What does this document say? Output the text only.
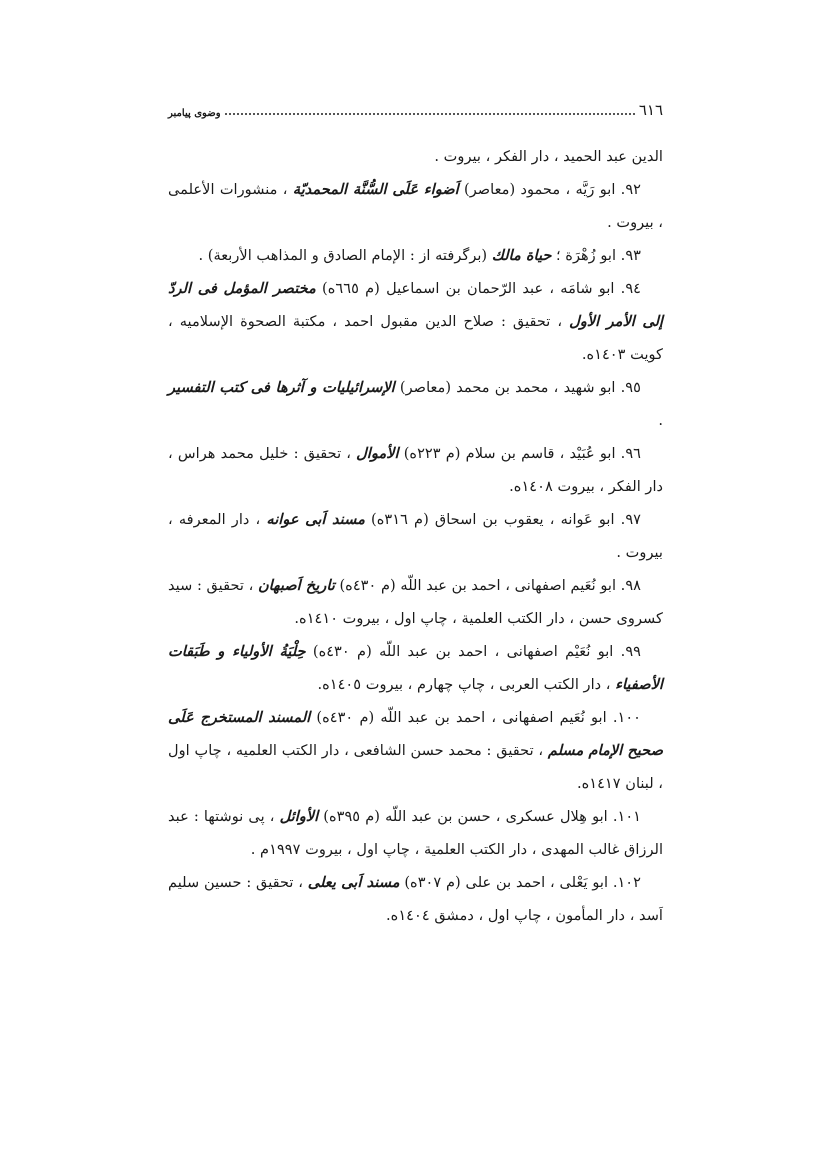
وضوی پیامبر	٦١٦

الدين عبد الحميد ، دار الفكر ، بيروت .

۹۲. ابو رَيَّه ، محمود (معاصر) اَضواء عَلَى السُّنَّة المحمديّة ، منشورات الأعلمی ، بیروت .

۹۳. ابو زُهْرَة ؛ حياة مالك (برگرفته از : الإمام الصادق و المذاهب الأربعة) .

۹٤. ابو شامَه ، عبد الرّحمان بن اسماعيل (م ٦٦٥ه) مختصر المؤمل فی الردّ إلی الأمر الأول ، تحقيق : صلاح الدين مقبول احمد ، مكتبة الصحوة الإسلاميه ، کویت ۱٤۰۳ه.

۹٥. ابو شهيد ، محمد بن محمد (معاصر) الإسرائيليات و آثرها فی كتب التفسير .

۹٦. ابو عُبَيْد ، قاسم بن سلام (م ۲۲۳ه) الأموال ، تحقيق : خليل محمد هراس ، دار الفكر ، بيروت ۱٤۰۸ه.

۹۷. ابو عَوانه ، يعقوب بن اسحاق (م ۳۱٦ه) مسند اَبی عوانه ، دار المعرفه ، بيروت .

۹۸. ابو نُعَيم اصفهانی ، احمد بن عبد اللّه (م ٤۳۰ه) تاريخ اَصبهان ، تحقيق : سيد كسروی حسن ، دار الكتب العلمية ، چاپ اول ، بيروت ۱٤۱۰ه.

۹۹. ابو نُعَيْم اصفهانی ، احمد بن عبد اللّه (م ٤۳۰ه) حِلْيَةُ الأولياء و طَبَقات الأصفياء ، دار الكتب العربی ، چاپ چهارم ، بيروت ۱٤۰٥ه.

۱۰۰. ابو نُعَيم اصفهانی ، احمد بن عبد اللّه (م ٤۳۰ه) المسند المستخرج عَلَى صحيح الإمام مسلم ، تحقيق : محمد حسن الشافعی ، دار الكتب العلميه ، چاپ اول ، لبنان ۱٤۱۷ه.

۱۰۱. ابو هِلال عسكری ، حسن بن عبد اللّه (م ۳۹٥ه) الأوائل ، پی نوشتها : عبد الرزاق غالب المهدی ، دار الكتب العلمية ، چاپ اول ، بيروت ۱۹۹۷م .

۱۰۲. ابو يَعْلى ، احمد بن علی (م ۳۰۷ه) مسند اَبی يعلى ، تحقيق : حسين سليم اَسد ، دار المأمون ، چاپ اول ، دمشق ۱٤۰٤ه.
